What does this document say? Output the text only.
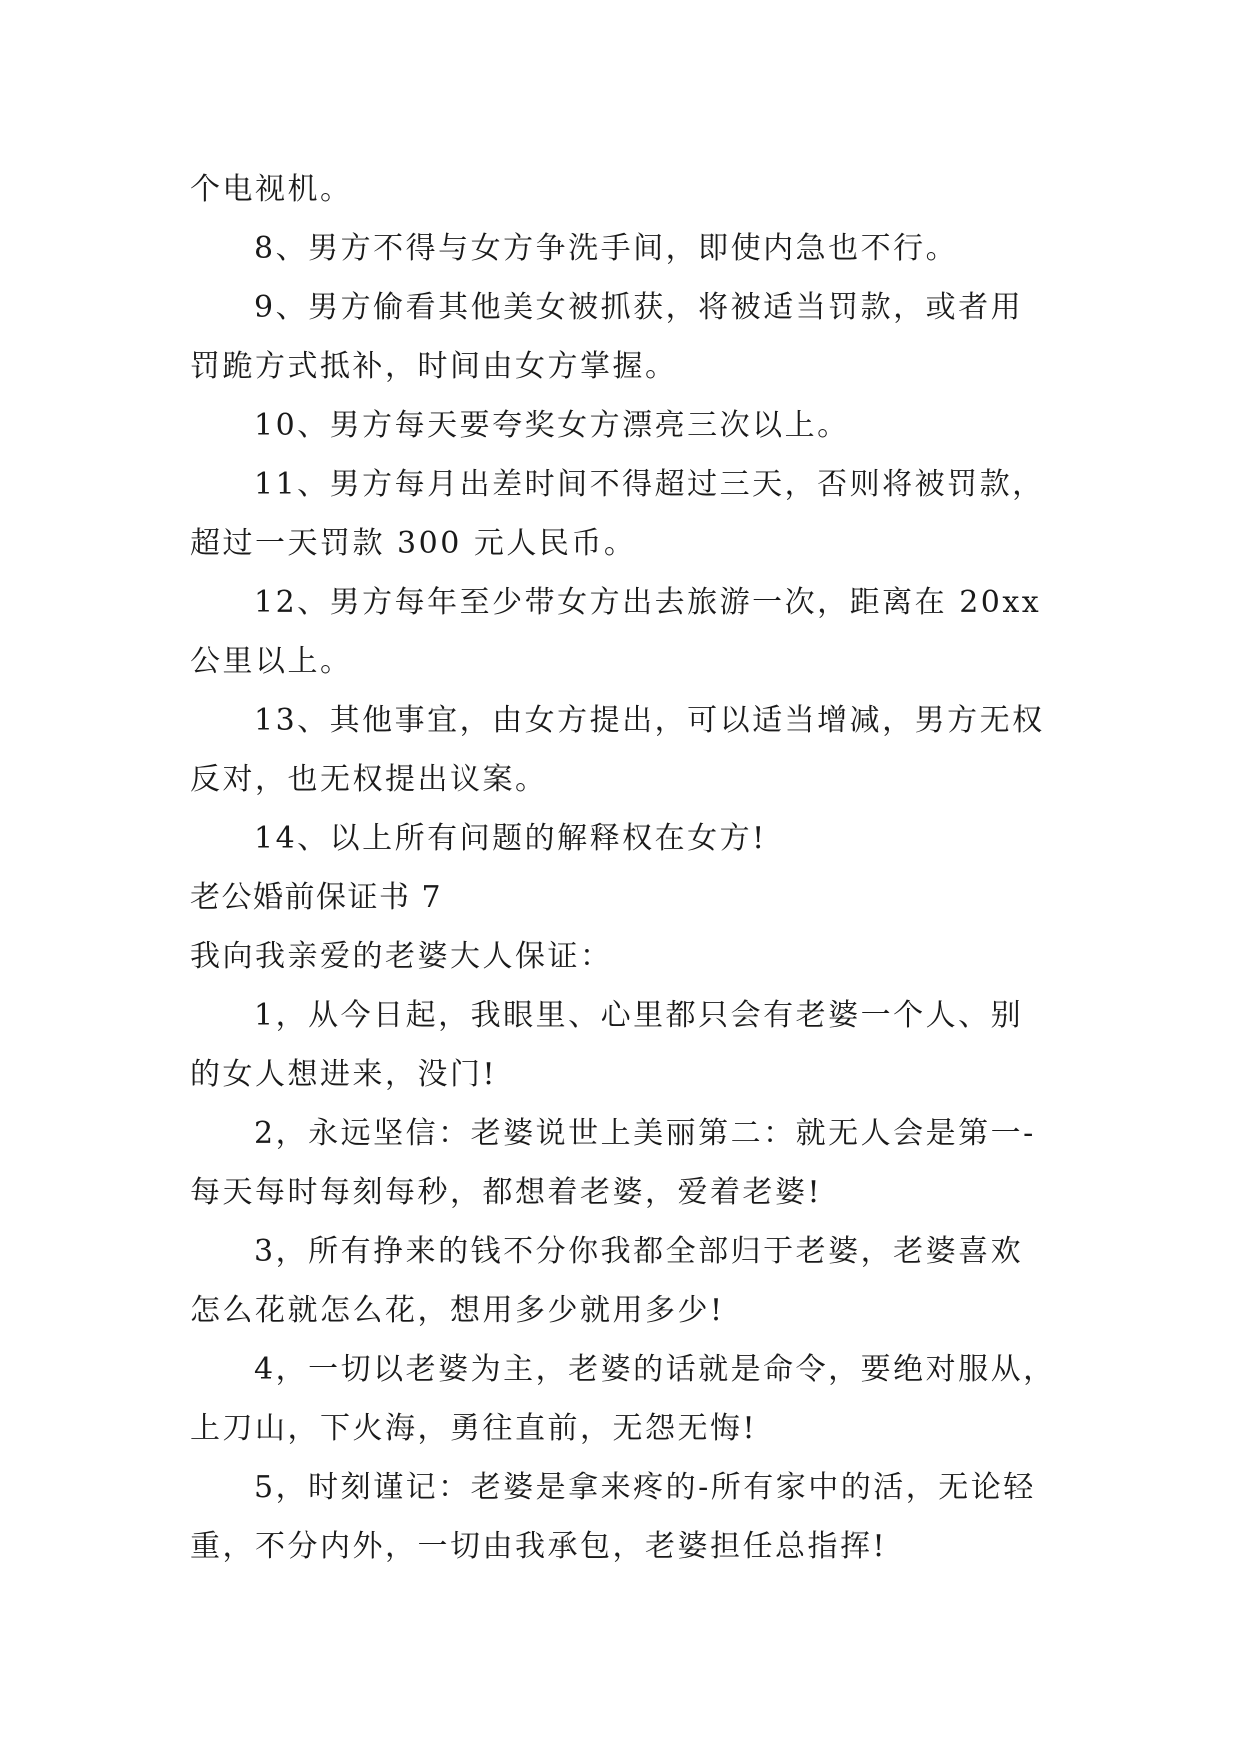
个电视机。
8、男方不得与女方争洗手间，即使内急也不行。
9、男方偷看其他美女被抓获，将被适当罚款，或者用
罚跪方式抵补，时间由女方掌握。
10、男方每天要夸奖女方漂亮三次以上。
11、男方每月出差时间不得超过三天，否则将被罚款，
超过一天罚款 300 元人民币。
12、男方每年至少带女方出去旅游一次，距离在 20xx
公里以上。
13、其他事宜，由女方提出，可以适当增减，男方无权
反对，也无权提出议案。
14、以上所有问题的解释权在女方!
老公婚前保证书 7
我向我亲爱的老婆大人保证：
1，从今日起，我眼里、心里都只会有老婆一个人、别
的女人想进来，没门!
2，永远坚信：老婆说世上美丽第二：就无人会是第一-
每天每时每刻每秒，都想着老婆，爱着老婆!
3，所有挣来的钱不分你我都全部归于老婆，老婆喜欢
怎么花就怎么花，想用多少就用多少!
4，一切以老婆为主，老婆的话就是命令，要绝对服从，
上刀山，下火海，勇往直前，无怨无悔!
5，时刻谨记：老婆是拿来疼的-所有家中的活，无论轻
重，不分内外，一切由我承包，老婆担任总指挥!
